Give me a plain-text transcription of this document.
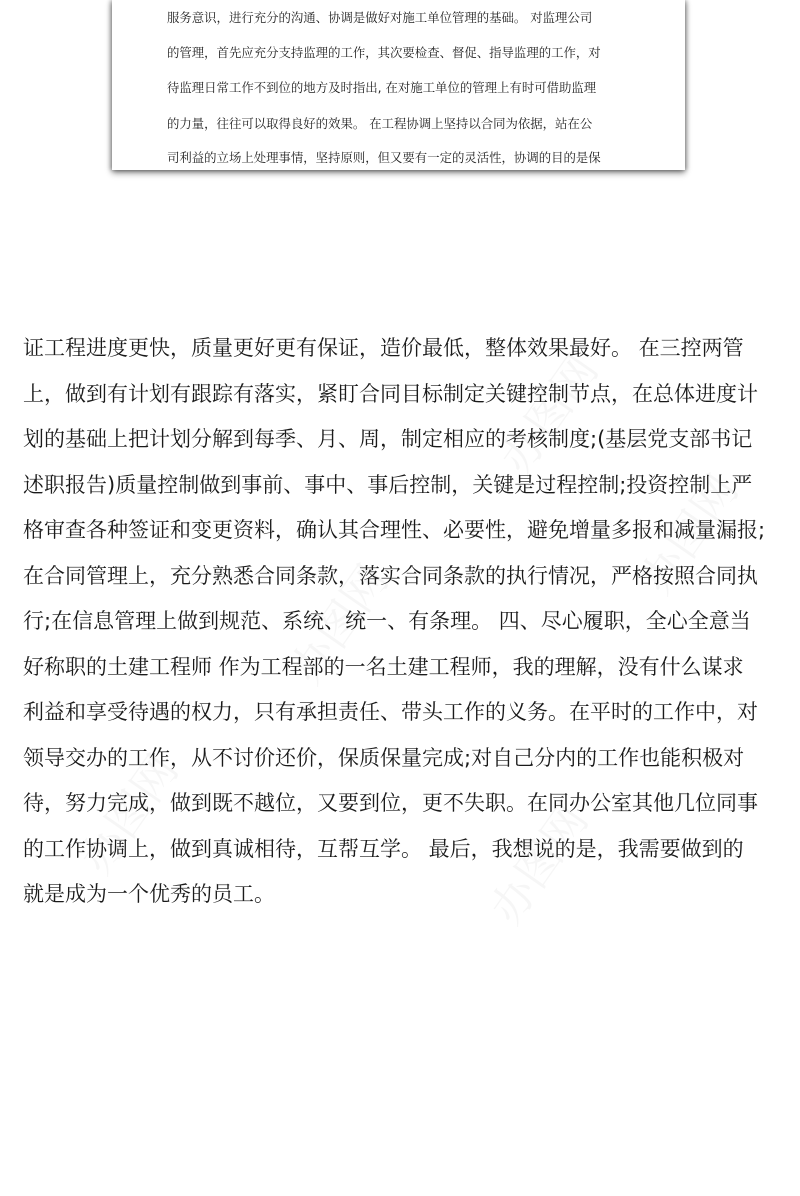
服务意识，进行充分的沟通、协调是做好对施工单位管理的基础。 对监理公司
的管理，首先应充分支持监理的工作，其次要检查、督促、指导监理的工作，对
待监理日常工作不到位的地方及时指出, 在对施工单位的管理上有时可借助监理
的力量，往往可以取得良好的效果。 在工程协调上坚持以合同为依据，站在公
司利益的立场上处理事情，坚持原则，但又要有一定的灵活性，协调的目的是保
办图网
办图网
办图网
办图网
办图网
证工程进度更快，质量更好更有保证，造价最低，整体效果最好。 在三控两管
上，做到有计划有跟踪有落实，紧盯合同目标制定关键控制节点，在总体进度计
划的基础上把计划分解到每季、月、周，制定相应的考核制度;(基层党支部书记
述职报告)质量控制做到事前、事中、事后控制，关键是过程控制;投资控制上严
格审查各种签证和变更资料，确认其合理性、必要性，避免增量多报和减量漏报;
在合同管理上，充分熟悉合同条款，落实合同条款的执行情况，严格按照合同执
行;在信息管理上做到规范、系统、统一、有条理。 四、尽心履职，全心全意当
好称职的土建工程师 作为工程部的一名土建工程师，我的理解，没有什么谋求
利益和享受待遇的权力，只有承担责任、带头工作的义务。在平时的工作中，对
领导交办的工作，从不讨价还价，保质保量完成;对自己分内的工作也能积极对
待，努力完成，做到既不越位，又要到位，更不失职。在同办公室其他几位同事
的工作协调上，做到真诚相待，互帮互学。 最后，我想说的是，我需要做到的
就是成为一个优秀的员工。
